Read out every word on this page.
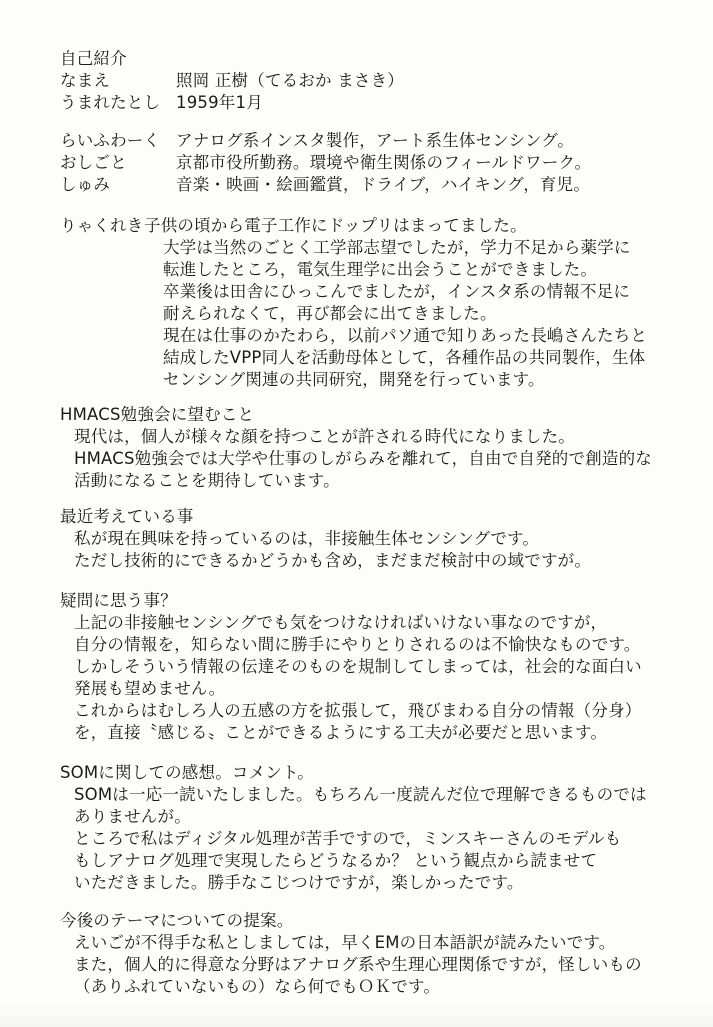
自己紹介
なまえ	照岡 正樹（てるおか まさき）
うまれたとし 1959年1月
らいふわーく アナログ系インスタ製作，アート系生体センシング。
おしごと	京都市役所勤務。環境や衛生関係のフィールドワーク。
しゅみ	音楽・映画・絵画鑑賞，ドライブ，ハイキング，育児。
りゃくれき 子供の頃から電子工作にドップリはまってました。
大学は当然のごとく工学部志望でしたが，学力不足から薬学に
転進したところ，電気生理学に出会うことができました。
卒業後は田舎にひっこんでましたが，インスタ系の情報不足に
耐えられなくて，再び都会に出てきました。
現在は仕事のかたわら，以前パソ通で知りあった長嶋さんたちと
結成したVPP同人を活動母体として，各種作品の共同製作，生体
センシング関連の共同研究，開発を行っています。
HMACS勉強会に望むこと
現代は，個人が様々な顔を持つことが許される時代になりました。
HMACS勉強会では大学や仕事のしがらみを離れて，自由で自発的で創造的な
活動になることを期待しています。
最近考えている事
私が現在興味を持っているのは，非接触生体センシングです。
ただし技術的にできるかどうかも含め，まだまだ検討中の域ですが。
疑問に思う事？
上記の非接触センシングでも気をつけなければいけない事なのですが，
自分の情報を，知らない間に勝手にやりとりされるのは不愉快なものです。
しかしそういう情報の伝達そのものを規制してしまっては，社会的な面白い
発展も望めません。
これからはむしろ人の五感の方を拡張して，飛びまわる自分の情報（分身）
を，直接〝感じる〟ことができるようにする工夫が必要だと思います。
SOMに関しての感想。コメント。
SOMは一応一読いたしました。もちろん一度読んだ位で理解できるものでは
ありませんが。
ところで私はディジタル処理が苦手ですので，ミンスキーさんのモデルも
もしアナログ処理で実現したらどうなるか？ という観点から読ませて
いただきました。勝手なこじつけですが，楽しかったです。
今後のテーマについての提案。
えいごが不得手な私としましては，早くEMの日本語訳が読みたいです。
また，個人的に得意な分野はアナログ系や生理心理関係ですが，怪しいもの
（ありふれていないもの）なら何でもＯＫです。
